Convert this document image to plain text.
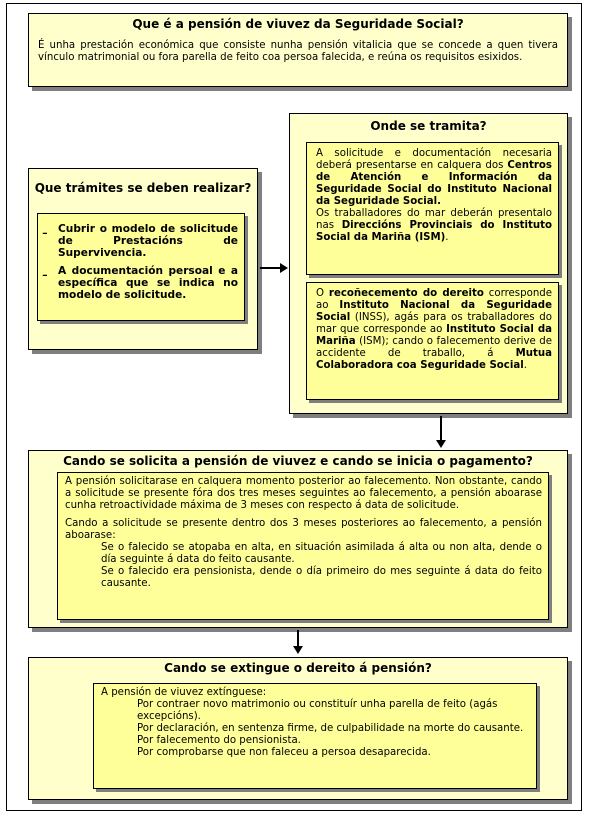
Que é a pensión de viuvez da Seguridade Social?
É unha prestación económica que consiste nunha pensión vitalicia que se concede a quen tivera vínculo matrimonial ou fora parella de feito coa persoa falecida, e reúna os requisitos esixidos.
Que trámites se deben realizar?
- Cubrir o modelo de solicitude de Prestacións de Supervivencia.
- A documentación persoal e a específica que se indica no modelo de solicitude.
Onde se tramita?

A solicitude e documentación necesaria deberá presentarse en calquera dos Centros de Atención e Información da Seguridade Social do Instituto Nacional da Seguridade Social.

Os traballadores do mar deberán presentalo nas Direccións Provinciais do Instituto Social da Mariña (ISM).

O recoñecemento do dereito corresponde ao Instituto Nacional da Seguridade Social (INSS), agás para os traballadores do mar que corresponde ao Instituto Social da Mariña (ISM); cando o falecemento derive de accidente de traballo, á Mutua Colaboradora coa Seguridade Social.

Cando se solicita a pensión de viuvez e cando se inicia o pagamento?

A pensión solicitarase en calquera momento posterior ao falecemento. Non obstante, cando a solicitude se presente fóra dos tres meses seguintes ao falecemento, a pensión aboarase cunha retroactividade máxima de 3 meses con respecto á data de solicitude.

Cando a solicitude se presente dentro dos 3 meses posteriores ao falecemento, a pensión aboarase:

Se o falecido se atopaba en alta, en situación asimilada á alta ou non alta, dende o día seguinte á data do feito causante.

Se o falecido era pensionista, dende o día primeiro do mes seguinte á data do feito causante.

Cando se extingue o dereito á pensión?

A pensión de viuvez extínguese:

Por contraer novo matrimonio ou constituír unha parella de feito (agás excepcións).

Por declaración, en sentenza firme, de culpabilidade na morte do causante.

Por falecemento do pensionista.

Por comprobarse que non faleceu a persoa desaparecida.
